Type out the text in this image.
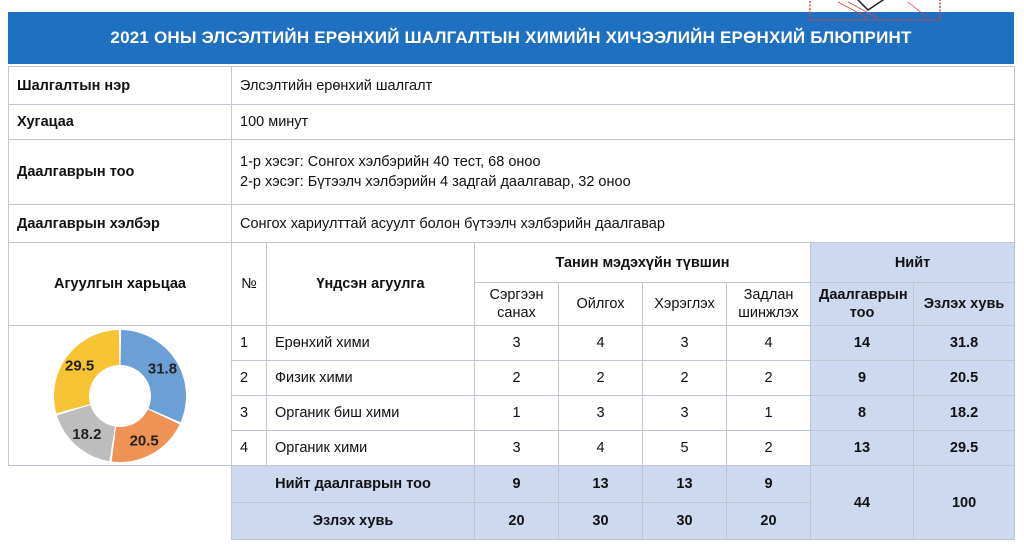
2021 ОНЫ ЭЛСЭЛТИЙН ЕРӨНХИЙ ШАЛГАЛТЫН ХИМИЙН ХИЧЭЭЛИЙН ЕРӨНХИЙ БЛЮПРИНТ
Шалгалтын нэр	Элсэлтийн ерөнхий шалгалт							
Хугацаа	100 минут							
Даалгаврын тоо	1-р хэсэг: Сонгох хэлбэрийн 40 тест, 68 оноо
2-р хэсэг: Бүтээлч хэлбэрийн 4 задгай даалгавар, 32 оноо							

Даалгаврын хэлбэр	Сонгох хариулттай асуулт болон бүтээлч хэлбэрийн даалгавар							
Агуулгын харьцаа	№	Үндсэн агуулга	Танин мэдэхүйн түвшин				Нийт	
			Сэргээн санах	Ойлгох	Хэрэглэх	Задлан шинжлэх	Даалгаврын тоо	Эзлэх хувь

31.8
20.5
18.2
29.5	1	Ерөнхий хими	3	4	3	4	14	31.8
	2	Физик хими	2	2	2	2	9	20.5
	3	Органик биш хими	1	3	3	1	8	18.2
	4	Органик хими	3	4	5	2	13	29.5
	Нийт даалгаврын тоо		9	13	13	9	44	100
	Эзлэх хувь		20	30	30	20		
